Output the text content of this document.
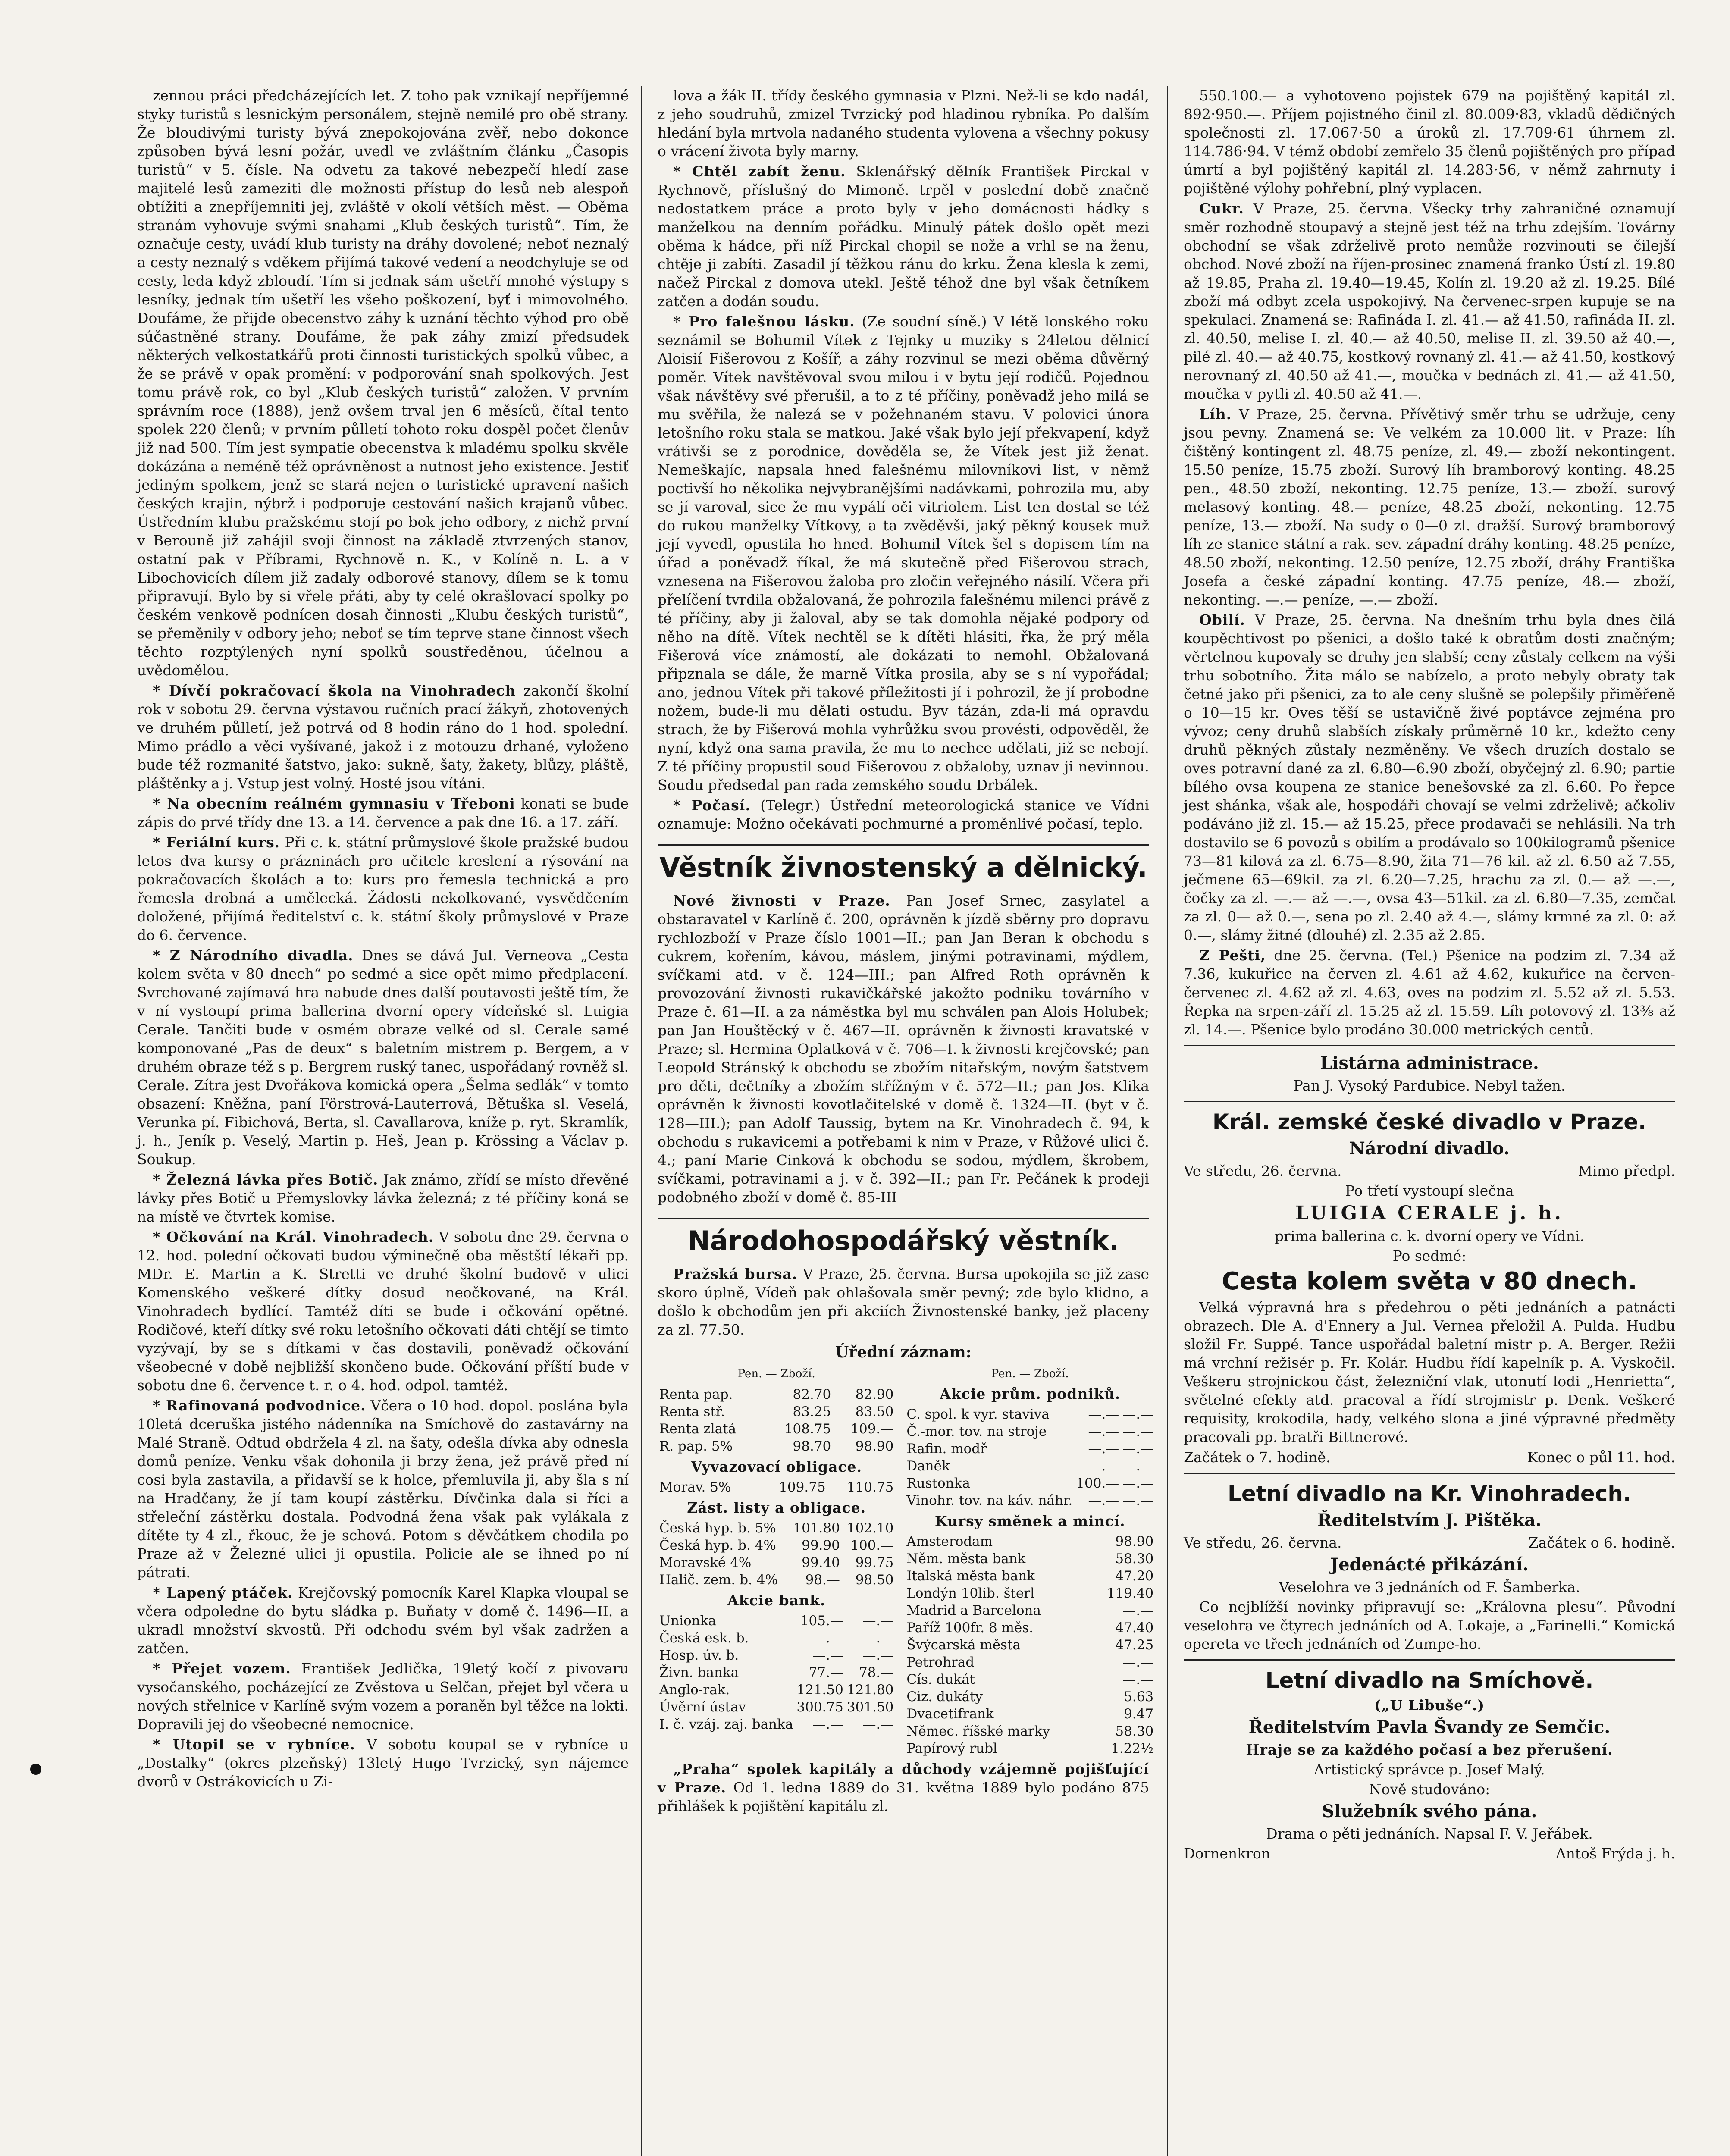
zennou práci předcházejících let. Z toho pak vznikají nepříjemné styky turistů s lesnickým personálem, stejně nemilé pro obě strany. Že bloudivými turisty bývá znepokojována zvěř, nebo dokonce způsoben bývá lesní požár, uvedl ve zvláštním článku „Časopis turistů“ v 5. čísle. Na odvetu za takové nebezpečí hledí zase majitelé lesů zameziti dle možnosti přístup do lesů neb alespoň obtížiti a znepříjemniti jej, zvláště v okolí větších měst. — Oběma stranám vyhovuje svými snahami „Klub českých turistů“. Tím, že označuje cesty, uvádí klub turisty na dráhy dovolené; neboť neznalý a cesty neznalý s vděkem přijímá takové vedení a neodchyluje se od cesty, leda když zbloudí. Tím si jednak sám ušetří mnohé výstupy s lesníky, jednak tím ušetří les všeho poškození, byť i mimovolného. Doufáme, že přijde obecenstvo záhy k uznání těchto výhod pro obě súčastněné strany. Doufáme, že pak záhy zmizí předsudek některých velkostatkářů proti činnosti turistických spolků vůbec, a že se právě v opak promění: v podporování snah spolkových. Jest tomu právě rok, co byl „Klub českých turistů“ založen. V prvním správním roce (1888), jenž ovšem trval jen 6 měsíců, čítal tento spolek 220 členů; v prvním půlletí tohoto roku dospěl počet členův již nad 500. Tím jest sympatie obecenstva k mladému spolku skvěle dokázána a neméně též oprávněnost a nutnost jeho existence. Jestiť jediným spolkem, jenž se stará nejen o turistické upravení našich českých krajin, nýbrž i podporuje cestování našich krajanů vůbec. Ústředním klubu pražskému stojí po bok jeho odbory, z nichž první v Berouně již zahájil svoji činnost na základě ztvrzených stanov, ostatní pak v Příbrami, Rychnově n. K., v Kolíně n. L. a v Libochovicích dílem již zadaly odborové stanovy, dílem se k tomu připravují. Bylo by si vřele přáti, aby ty celé okrašlovací spolky po českém venkově podnícen dosah činnosti „Klubu českých turistů“, se přeměnily v odbory jeho; neboť se tím teprve stane činnost všech těchto rozptýlených nyní spolků soustředěnou, účelnou a uvědomělou.

* Dívčí pokračovací škola na Vinohradech zakončí školní rok v sobotu 29. června výstavou ručních prací žákyň, zhotovených ve druhém půlletí, jež potrvá od 8 hodin ráno do 1 hod. spolední. Mimo prádlo a věci vyšívané, jakož i z motouzu drhané, vyloženo bude též rozmanité šatstvo, jako: sukně, šaty, žakety, blůzy, pláště, pláštěnky a j. Vstup jest volný. Hosté jsou vítáni.

* Na obecním reálném gymnasiu v Třeboni konati se bude zápis do prvé třídy dne 13. a 14. července a pak dne 16. a 17. září.

* Feriální kurs. Při c. k. státní průmyslové škole pražské budou letos dva kursy o prázninách pro učitele kreslení a rýsování na pokračovacích školách a to: kurs pro řemesla technická a pro řemesla drobná a umělecká. Žádosti nekolkované, vysvědčením doložené, přijímá ředitelství c. k. státní školy průmyslové v Praze do 6. července.

* Z Národního divadla. Dnes se dává Jul. Verneova „Cesta kolem světa v 80 dnech“ po sedmé a sice opět mimo předplacení. Svrchované zajímavá hra nabude dnes další poutavosti ještě tím, že v ní vystoupí prima ballerina dvorní opery vídeňské sl. Luigia Cerale. Tančiti bude v osmém obraze velké od sl. Cerale samé komponované „Pas de deux“ s baletním mistrem p. Bergem, a v druhém obraze též s p. Bergrem ruský tanec, uspořádaný rovněž sl. Cerale. Zítra jest Dvořákova komická opera „Šelma sedlák“ v tomto obsazení: Kněžna, paní Förstrová-Lauterrová, Bětuška sl. Veselá, Verunka pí. Fibichová, Berta, sl. Cavallarova, kníže p. ryt. Skramlík, j. h., Jeník p. Veselý, Martin p. Heš, Jean p. Krössing a Václav p. Soukup.

* Železná lávka přes Botič. Jak známo, zřídí se místo dřevěné lávky přes Botič u Přemyslovky lávka železná; z té příčiny koná se na místě ve čtvrtek komise.

* Očkování na Král. Vinohradech. V sobotu dne 29. června o 12. hod. polední očkovati budou výminečně oba městští lékaři pp. MDr. E. Martin a K. Stretti ve druhé školní budově v ulici Komenského veškeré dítky dosud neočkované, na Král. Vinohradech bydlící. Tamtéž díti se bude i očkování opětné. Rodičové, kteří dítky své roku letošního očkovati dáti chtějí se timto vyzývají, by se s dítkami v čas dostavili, poněvadž očkování všeobecné v době nejbližší skončeno bude. Očkování příští bude v sobotu dne 6. července t. r. o 4. hod. odpol. tamtéž.

* Rafinovaná podvodnice. Včera o 10 hod. dopol. poslána byla 10letá dceruška jistého nádenníka na Smíchově do zastavárny na Malé Straně. Odtud obdržela 4 zl. na šaty, odešla dívka aby odnesla domů peníze. Venku však dohonila ji brzy žena, jež právě před ní cosi byla zastavila, a přidavší se k holce, přemluvila ji, aby šla s ní na Hradčany, že jí tam koupí zástěrku. Dívčinka dala si říci a střeleční zástěrku dostala. Podvodná žena však pak vylákala z dítěte ty 4 zl., řkouc, že je schová. Potom s děvčátkem chodila po Praze až v Železné ulici ji opustila. Policie ale se ihned po ní pátrati.

* Lapený ptáček. Krejčovský pomocník Karel Klapka vloupal se včera odpoledne do bytu sládka p. Buňaty v domě č. 1496—II. a ukradl množství skvostů. Při odchodu svém byl však zadržen a zatčen.

* Přejet vozem. František Jedlička, 19letý kočí z pivovaru vysočanského, pocházející ze Zvěstova u Selčan, přejet byl včera u nových střelnice v Karlíně svým vozem a poraněn byl těžce na lokti. Dopravili jej do všeobecné nemocnice.

* Utopil se v rybníce. V sobotu koupal se v rybníce u „Dostalky“ (okres plzeňský) 13letý Hugo Tvrzický, syn nájemce dvorů v Ostrákovicích u Zi-

lova a žák II. třídy českého gymnasia v Plzni. Než-li se kdo nadál, z jeho soudruhů, zmizel Tvrzický pod hladinou rybníka. Po dalším hledání byla mrtvola nadaného studenta vylovena a všechny pokusy o vrácení života byly marny.

* Chtěl zabít ženu. Sklenářský dělník František Pirckal v Rychnově, příslušný do Mimoně. trpěl v poslední době značně nedostatkem práce a proto byly v jeho domácnosti hádky s manželkou na denním pořádku. Minulý pátek došlo opět mezi oběma k hádce, při níž Pirckal chopil se nože a vrhl se na ženu, chtěje ji zabíti. Zasadil jí těžkou ránu do krku. Žena klesla k zemi, načež Pirckal z domova utekl. Ještě téhož dne byl však četníkem zatčen a dodán soudu.

* Pro falešnou lásku. (Ze soudní síně.) V létě lonského roku seznámil se Bohumil Vítek z Tejnky u muziky s 24letou dělnicí Aloisií Fišerovou z Košíř, a záhy rozvinul se mezi oběma důvěrný poměr. Vítek navštěvoval svou milou i v bytu její rodičů. Pojednou však návštěvy své přerušil, a to z té příčiny, poněvadž jeho milá se mu svěřila, že nalezá se v požehnaném stavu. V polovici února letošního roku stala se matkou. Jaké však bylo její překvapení, když vrátivši se z porodnice, dověděla se, že Vítek jest již ženat. Nemeškajíc, napsala hned falešnému milovníkovi list, v němž poctivší ho několika nejvybranějšími nadávkami, pohrozila mu, aby se jí varoval, sice že mu vypálí oči vitriolem. List ten dostal se též do rukou manželky Vítkovy, a ta zvěděvši, jaký pěkný kousek muž její vyvedl, opustila ho hned. Bohumil Vítek šel s dopisem tím na úřad a poněvadž říkal, že má skutečně před Fišerovou strach, vznesena na Fišerovou žaloba pro zločin veřejného násilí. Včera při přelíčení tvrdila obžalovaná, že pohrozila falešnému milenci právě z té příčiny, aby ji žaloval, aby se tak domohla nějaké podpory od něho na dítě. Vítek nechtěl se k dítěti hlásiti, řka, že prý měla Fišerová více známostí, ale dokázati to nemohl. Obžalovaná připznala se dále, že marně Vítka prosila, aby se s ní vypořádal; ano, jednou Vítek při takové příležitosti jí i pohrozil, že jí probodne nožem, bude-li mu dělati ostudu. Byv tázán, zda-li má opravdu strach, že by Fišerová mohla vyhrůžku svou provésti, odpověděl, že nyní, když ona sama pravila, že mu to nechce udělati, již se nebojí. Z té příčiny propustil soud Fišerovou z obžaloby, uznav ji nevinnou. Soudu předsedal pan rada zemského soudu Drbálek.

* Počasí. (Telegr.) Ústřední meteorologická stanice ve Vídni oznamuje: Možno očekávati pochmurné a proměnlivé počasí, teplo.

Věstník živnostenský a dělnický.

Nové živnosti v Praze. Pan Josef Srnec, zasylatel a obstaravatel v Karlíně č. 200, oprávněn k jízdě sběrny pro dopravu rychlozboží v Praze číslo 1001—II.; pan Jan Beran k obchodu s cukrem, kořením, kávou, máslem, jinými potravinami, mýdlem, svíčkami atd. v č. 124—III.; pan Alfred Roth oprávněn k provozování živnosti rukavičkářské jakožto podniku továrního v Praze č. 61—II. a za náměstka byl mu schválen pan Alois Holubek; pan Jan Houštěcký v č. 467—II. oprávněn k živnosti kravatské v Praze; sl. Hermina Oplatková v č. 706—I. k živnosti krejčovské; pan Leopold Stránský k obchodu se zbožím nitařským, novým šatstvem pro děti, dečtníky a zbožím střížným v č. 572—II.; pan Jos. Klika oprávněn k živnosti kovotlačitelské v domě č. 1324—II. (byt v č. 128—III.); pan Adolf Taussig, bytem na Kr. Vinohradech č. 94, k obchodu s rukavicemi a potřebami k nim v Praze, v Růžové ulici č. 4.; paní Marie Cinková k obchodu se sodou, mýdlem, škrobem, svíčkami, potravinami a j. v č. 392—II.; pan Fr. Pečánek k prodeji podobného zboží v domě č. 85-III

Národohospodářský věstník.

Pražská bursa. V Praze, 25. června. Bursa upokojila se již zase skoro úplně, Vídeň pak ohlašovala směr pevný; zde bylo klidno, a došlo k obchodům jen při akciích Živnostenské banky, jež placeny za zl. 77.50.

Úřední záznam:
Pen. — Zboží.
Renta pap.	82.70	82.90
Renta stř.	83.25	83.50
Renta zlatá	108.75	109.—
R. pap. 5%	98.70	98.90
Vyvazovací obligace.
Morav. 5%	109.75	110.75
Zást. listy a obligace.
Česká hyp. b. 5%	101.80	102.10
Česká hyp. b. 4%	99.90	100.—
Moravské 4%	99.40	99.75
Halič. zem. b. 4%	98.—	98.50
Akcie bank.
Unionka	105.—	—.—
Česká esk. b.	—.—	—.—
Hosp. úv. b.	—.—	—.—
Živn. banka	77.—	78.—
Anglo-rak.	121.50	121.80
Úvěrní ústav	300.75	301.50
I. č. vzáj. zaj. banka	—.—	—.—
Pen. — Zboží.
Akcie prům. podniků.
C. spol. k vyr. staviva	—.—	—.—
Č.-mor. tov. na stroje	—.—	—.—
Rafin. modř	—.—	—.—
Daněk	—.—	—.—
Rustonka	100.—	—.—
Vinohr. tov. na káv. náhr.	—.—	—.—
Kursy směnek a mincí.
Amsterodam	98.90
Něm. města bank	58.30
Italská města bank	47.20
Londýn 10lib. šterl	119.40
Madrid a Barcelona	—.—
Paříž 100fr. 8 měs.	47.40
Švýcarská města	47.25
Petrohrad	—.—
Cís. dukát	—.—
Ciz. dukáty	5.63
Dvacetifrank	9.47
Němec. říšské marky	58.30
Papírový rubl	1.22½

„Praha“ spolek kapitály a důchody vzájemně pojišťující v Praze. Od 1. ledna 1889 do 31. května 1889 bylo podáno 875 přihlášek k pojištění kapitálu zl.

550.100.— a vyhotoveno pojistek 679 na pojištěný kapitál zl. 892·950.—. Příjem pojistného činil zl. 80.009·83, vkladů dědičných společnosti zl. 17.067·50 a úroků zl. 17.709·61 úhrnem zl. 114.786·94. V témž období zemřelo 35 členů pojištěných pro případ úmrtí a byl pojištěný kapitál zl. 14.283·56, v němž zahrnuty i pojištěné výlohy pohřební, plný vyplacen.

Cukr. V Praze, 25. června. Všecky trhy zahraničné oznamují směr rozhodně stoupavý a stejně jest též na trhu zdejším. Továrny obchodní se však zdrželivě proto nemůže rozvinouti se čilejší obchod. Nové zboží na říjen-prosinec znamená franko Ústí zl. 19.80 až 19.85, Praha zl. 19.40—19.45, Kolín zl. 19.20 až zl. 19.25. Bílé zboží má odbyt zcela uspokojivý. Na červenec-srpen kupuje se na spekulaci. Znamená se: Rafináda I. zl. 41.— až 41.50, rafináda II. zl. zl. 40.50, melise I. zl. 40.— až 40.50, melise II. zl. 39.50 až 40.—, pilé zl. 40.— až 40.75, kostkový rovnaný zl. 41.— až 41.50, kostkový nerovnaný zl. 40.50 až 41.—, moučka v bednách zl. 41.— až 41.50, moučka v pytli zl. 40.50 až 41.—.

Líh. V Praze, 25. června. Přívětivý směr trhu se udržuje, ceny jsou pevny. Znamená se: Ve velkém za 10.000 lit. v Praze: líh čištěný kontingent zl. 48.75 peníze, zl. 49.— zboží nekontingent. 15.50 peníze, 15.75 zboží. Surový líh bramborový konting. 48.25 pen., 48.50 zboží, nekonting. 12.75 peníze, 13.— zboží. surový melasový konting. 48.— peníze, 48.25 zboží, nekonting. 12.75 peníze, 13.— zboží. Na sudy o 0—0 zl. dražší. Surový bramborový líh ze stanice státní a rak. sev. západní dráhy konting. 48.25 peníze, 48.50 zboží, nekonting. 12.50 peníze, 12.75 zboží, dráhy Františka Josefa a české západní konting. 47.75 peníze, 48.— zboží, nekonting. —.— peníze, —.— zboží.

Obilí. V Praze, 25. června. Na dnešním trhu byla dnes čilá koupěchtivost po pšenici, a došlo také k obratům dosti značným; věrtelnou kupovaly se druhy jen slabší; ceny zůstaly celkem na výši trhu sobotního. Žita málo se nabízelo, a proto nebyly obraty tak četné jako při pšenici, za to ale ceny slušně se polepšily přiměřeně o 10—15 kr. Oves těší se ustavičně živé poptávce zejména pro vývoz; ceny druhů slabších získaly průměrně 10 kr., kdežto ceny druhů pěkných zůstaly nezměněny. Ve všech druzích dostalo se oves potravní dané za zl. 6.80—6.90 zboží, obyčejný zl. 6.90; partie bílého ovsa koupena ze stanice benešovské za zl. 6.60. Po řepce jest shánka, však ale, hospodáři chovají se velmi zdrželivě; ačkoliv podáváno již zl. 15.— až 15.25, přece prodavači se nehlásili. Na trh dostavilo se 6 povozů s obilím a prodávalo so 100kilogramů pšenice 73—81 kilová za zl. 6.75—8.90, žita 71—76 kil. až zl. 6.50 až 7.55, ječmene 65—69kil. za zl. 6.20—7.25, hrachu za zl. 0.— až —.—, čočky za zl. —.— až —.—, ovsa 43—51kil. za zl. 6.80—7.35, zemčat za zl. 0— až 0.—, sena po zl. 2.40 až 4.—, slámy krmné za zl. 0: až 0.—, slámy žitné (dlouhé) zl. 2.35 až 2.85.

Z Pešti, dne 25. června. (Tel.) Pšenice na podzim zl. 7.34 až 7.36, kukuřice na červen zl. 4.61 až 4.62, kukuřice na červen-červenec zl. 4.62 až zl. 4.63, oves na podzim zl. 5.52 až zl. 5.53. Řepka na srpen-září zl. 15.25 až zl. 15.59. Líh potovový zl. 13⅜ až zl. 14.—. Pšenice bylo prodáno 30.000 metrických centů.

Listárna administrace.
Pan J. Vysoký Pardubice. Nebyl tažen.
Král. zemské české divadlo v Praze.
Národní divadlo.
Ve středu, 26. června.	Mimo předpl.
Po třetí vystoupí slečna
LUIGIA CERALE j. h.
prima ballerina c. k. dvorní opery ve Vídni.
Po sedmé:
Cesta kolem světa v 80 dnech.

Velká výpravná hra s předehrou o pěti jednáních a patnácti obrazech. Dle A. d'Ennery a Jul. Vernea přeložil A. Pulda. Hudbu složil Fr. Suppé. Tance uspořádal baletní mistr p. A. Berger. Režii má vrchní režisér p. Fr. Kolár. Hudbu řídí kapelník p. A. Vyskočil. Veškeru strojnickou část, železniční vlak, utonutí lodi „Henrietta“, světelné efekty atd. pracoval a řídí strojmistr p. Denk. Veškeré requisity, krokodila, hady, velkého slona a jiné výpravné předměty pracovali pp. bratři Bittnerové.

Začátek o 7. hodině.	Konec o půl 11. hod.
Letní divadlo na Kr. Vinohradech.
Ředitelstvím J. Pištěka.
Ve středu, 26. června.	Začátek o 6. hodině.
Jedenácté přikázání.
Veselohra ve 3 jednáních od F. Šamberka.

Co nejblížší novinky připravují se: „Královna plesu“. Původní veselohra ve čtyrech jednáních od A. Lokaje, a „Farinelli.“ Komická opereta ve třech jednáních od Zumpe-ho.

Letní divadlo na Smíchově.
(„U Libuše“.)
Ředitelstvím Pavla Švandy ze Semčic.
Hraje se za každého počasí a bez přerušení.
Artistický správce p. Josef Malý.
Nově studováno:
Služebník svého pána.
Drama o pěti jednáních. Napsal F. V. Jeřábek.
Dornenkron	Antoš Frýda j. h.
